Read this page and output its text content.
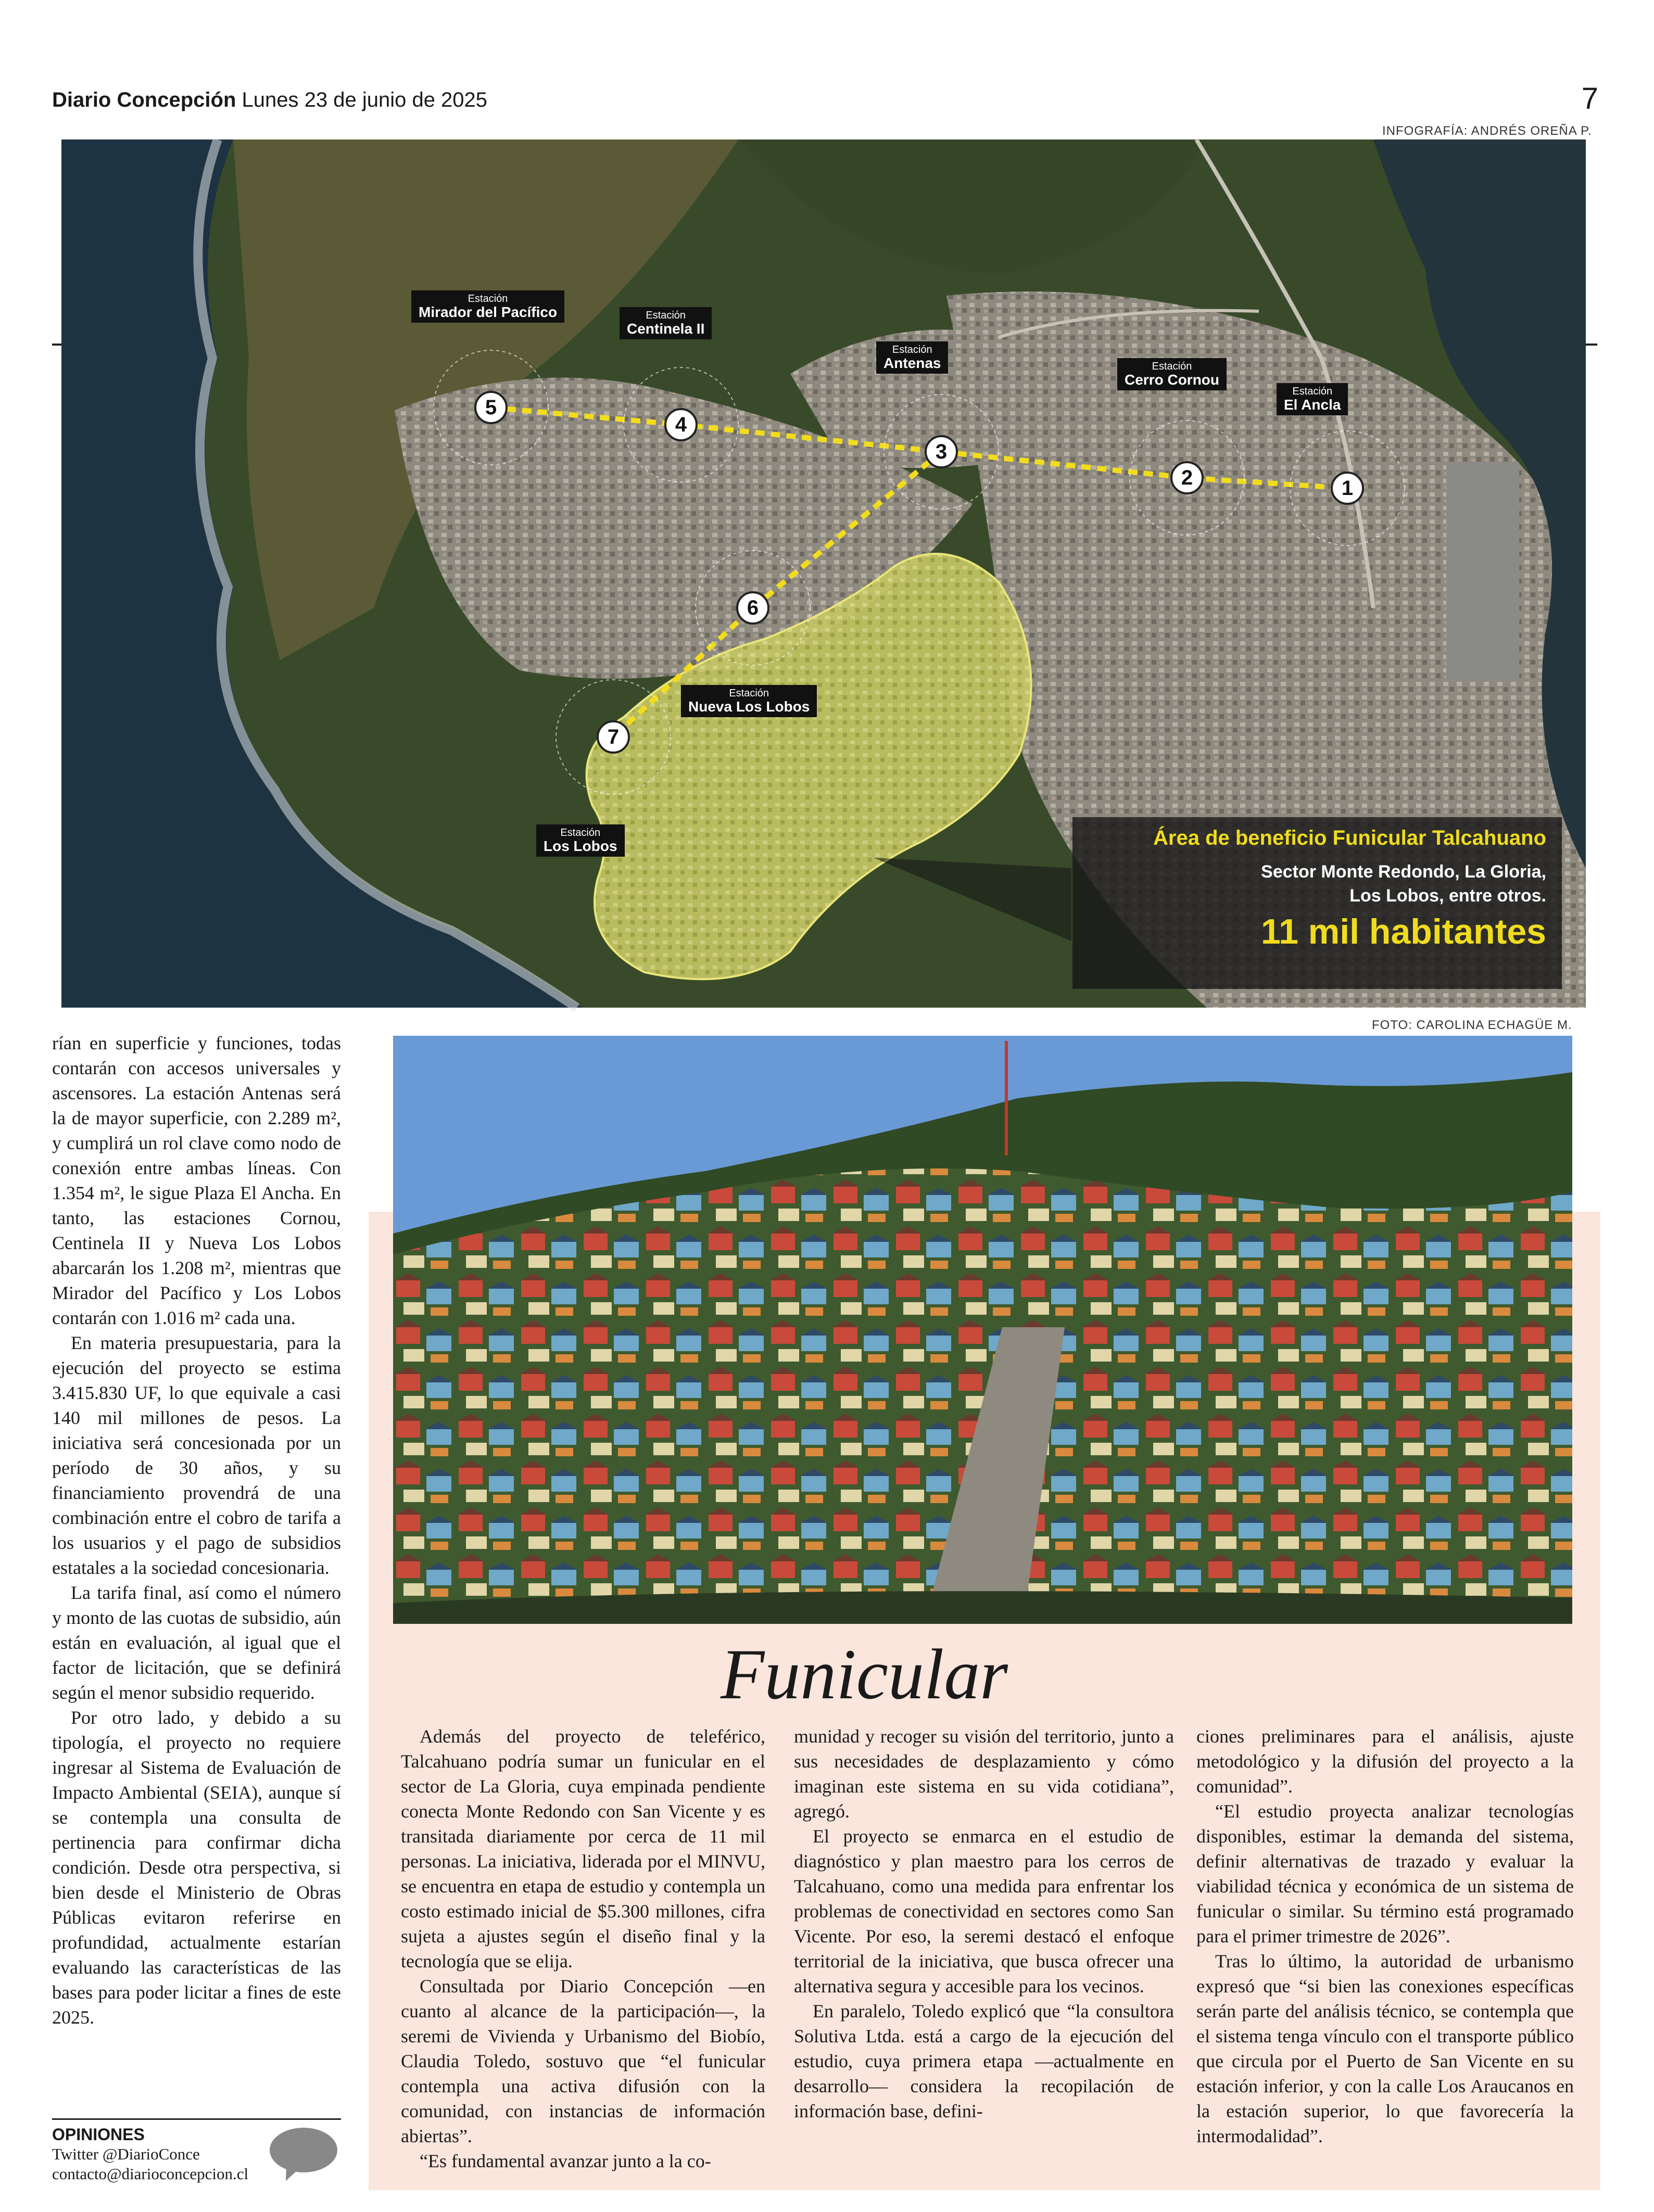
Diario Concepción Lunes 23 de junio de 2025	7
INFOGRAFÍA: ANDRÉS OREÑA P.
Estación
Mirador del Pacífico	Estación
Centinela II
Estación
Antenas	Estación
Cerro Cornou
Estación
El Ancla
Estación
Nueva Los Lobos
Estación
Los Lobos
1
2
3
4
5
6
7
Área de beneficio Funicular Talcahuano
Sector Monte Redondo, La Gloria,
Los Lobos, entre otros.
11 mil habitantes
FOTO: CAROLINA ECHAGÜE M.

rían en superficie y funciones, todas contarán con accesos universales y ascensores. La estación Antenas será la de mayor superficie, con 2.289 m², y cumplirá un rol clave como nodo de conexión entre ambas líneas. Con 1.354 m², le sigue Plaza El Ancha. En tanto, las estaciones Cornou, Centinela II y Nueva Los Lobos abarcarán los 1.208 m², mientras que Mirador del Pacífico y Los Lobos contarán con 1.016 m² cada una.

En materia presupuestaria, para la ejecución del proyecto se estima 3.415.830 UF, lo que equivale a casi 140 mil millones de pesos. La iniciativa será concesionada por un período de 30 años, y su financiamiento provendrá de una combinación entre el cobro de tarifa a los usuarios y el pago de subsidios estatales a la sociedad concesionaria.

La tarifa final, así como el número y monto de las cuotas de subsidio, aún están en evaluación, al igual que el factor de licitación, que se definirá según el menor subsidio requerido.

Por otro lado, y debido a su tipología, el proyecto no requiere ingresar al Sistema de Evaluación de Impacto Ambiental (SEIA), aunque sí se contempla una consulta de pertinencia para confirmar dicha condición. Desde otra perspectiva, si bien desde el Ministerio de Obras Públicas evitaron referirse en profundidad, actualmente estarían evaluando las características de las bases para poder licitar a fines de este 2025.

OPINIONES
Twitter @DiarioConce
contacto@diarioconcepcion.cl
Funicular

Además del proyecto de teleférico, Talcahuano podría sumar un funicular en el sector de La Gloria, cuya empinada pendiente conecta Monte Redondo con San Vicente y es transitada diariamente por cerca de 11 mil personas. La iniciativa, liderada por el MINVU, se encuentra en etapa de estudio y contempla un costo estimado inicial de $5.300 millones, cifra sujeta a ajustes según el diseño final y la tecnología que se elija.

Consultada por Diario Concepción —en cuanto al alcance de la participación—, la seremi de Vivienda y Urbanismo del Biobío, Claudia Toledo, sostuvo que “el funicular contempla una activa difusión con la comunidad, con instancias de información abiertas”.

“Es fundamental avanzar junto a la co-

munidad y recoger su visión del territorio, junto a sus necesidades de desplazamiento y cómo imaginan este sistema en su vida cotidiana”, agregó.

El proyecto se enmarca en el estudio de diagnóstico y plan maestro para los cerros de Talcahuano, como una medida para enfrentar los problemas de conectividad en sectores como San Vicente. Por eso, la seremi destacó el enfoque territorial de la iniciativa, que busca ofrecer una alternativa segura y accesible para los vecinos.

En paralelo, Toledo explicó que “la consultora Solutiva Ltda. está a cargo de la ejecución del estudio, cuya primera etapa —actualmente en desarrollo— considera la recopilación de información base, defini-

ciones preliminares para el análisis, ajuste metodológico y la difusión del proyecto a la comunidad”.

“El estudio proyecta analizar tecnologías disponibles, estimar la demanda del sistema, definir alternativas de trazado y evaluar la viabilidad técnica y económica de un sistema de funicular o similar. Su término está programado para el primer trimestre de 2026”.

Tras lo último, la autoridad de urbanismo expresó que “si bien las conexiones específicas serán parte del análisis técnico, se contempla que el sistema tenga vínculo con el transporte público que circula por el Puerto de San Vicente en su estación inferior, y con la calle Los Araucanos en la estación superior, lo que favorecería la intermodalidad”.
